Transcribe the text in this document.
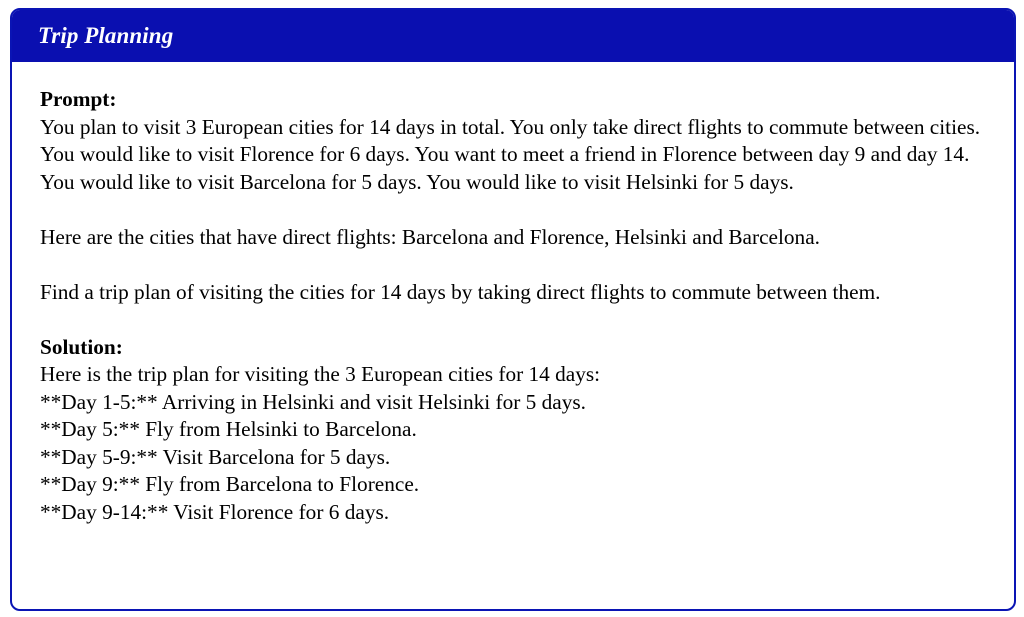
Trip Planning

Prompt:

You plan to visit 3 European cities for 14 days in total. You only take direct flights to commute between cities. You would like to visit Florence for 6 days. You want to meet a friend in Florence between day 9 and day 14. You would like to visit Barcelona for 5 days. You would like to visit Helsinki for 5 days.

Here are the cities that have direct flights: Barcelona and Florence, Helsinki and Barcelona.

Find a trip plan of visiting the cities for 14 days by taking direct flights to commute between them.

Solution:

Here is the trip plan for visiting the 3 European cities for 14 days:

**Day 1-5:** Arriving in Helsinki and visit Helsinki for 5 days.

**Day 5:** Fly from Helsinki to Barcelona.

**Day 5-9:** Visit Barcelona for 5 days.

**Day 9:** Fly from Barcelona to Florence.

**Day 9-14:** Visit Florence for 6 days.
